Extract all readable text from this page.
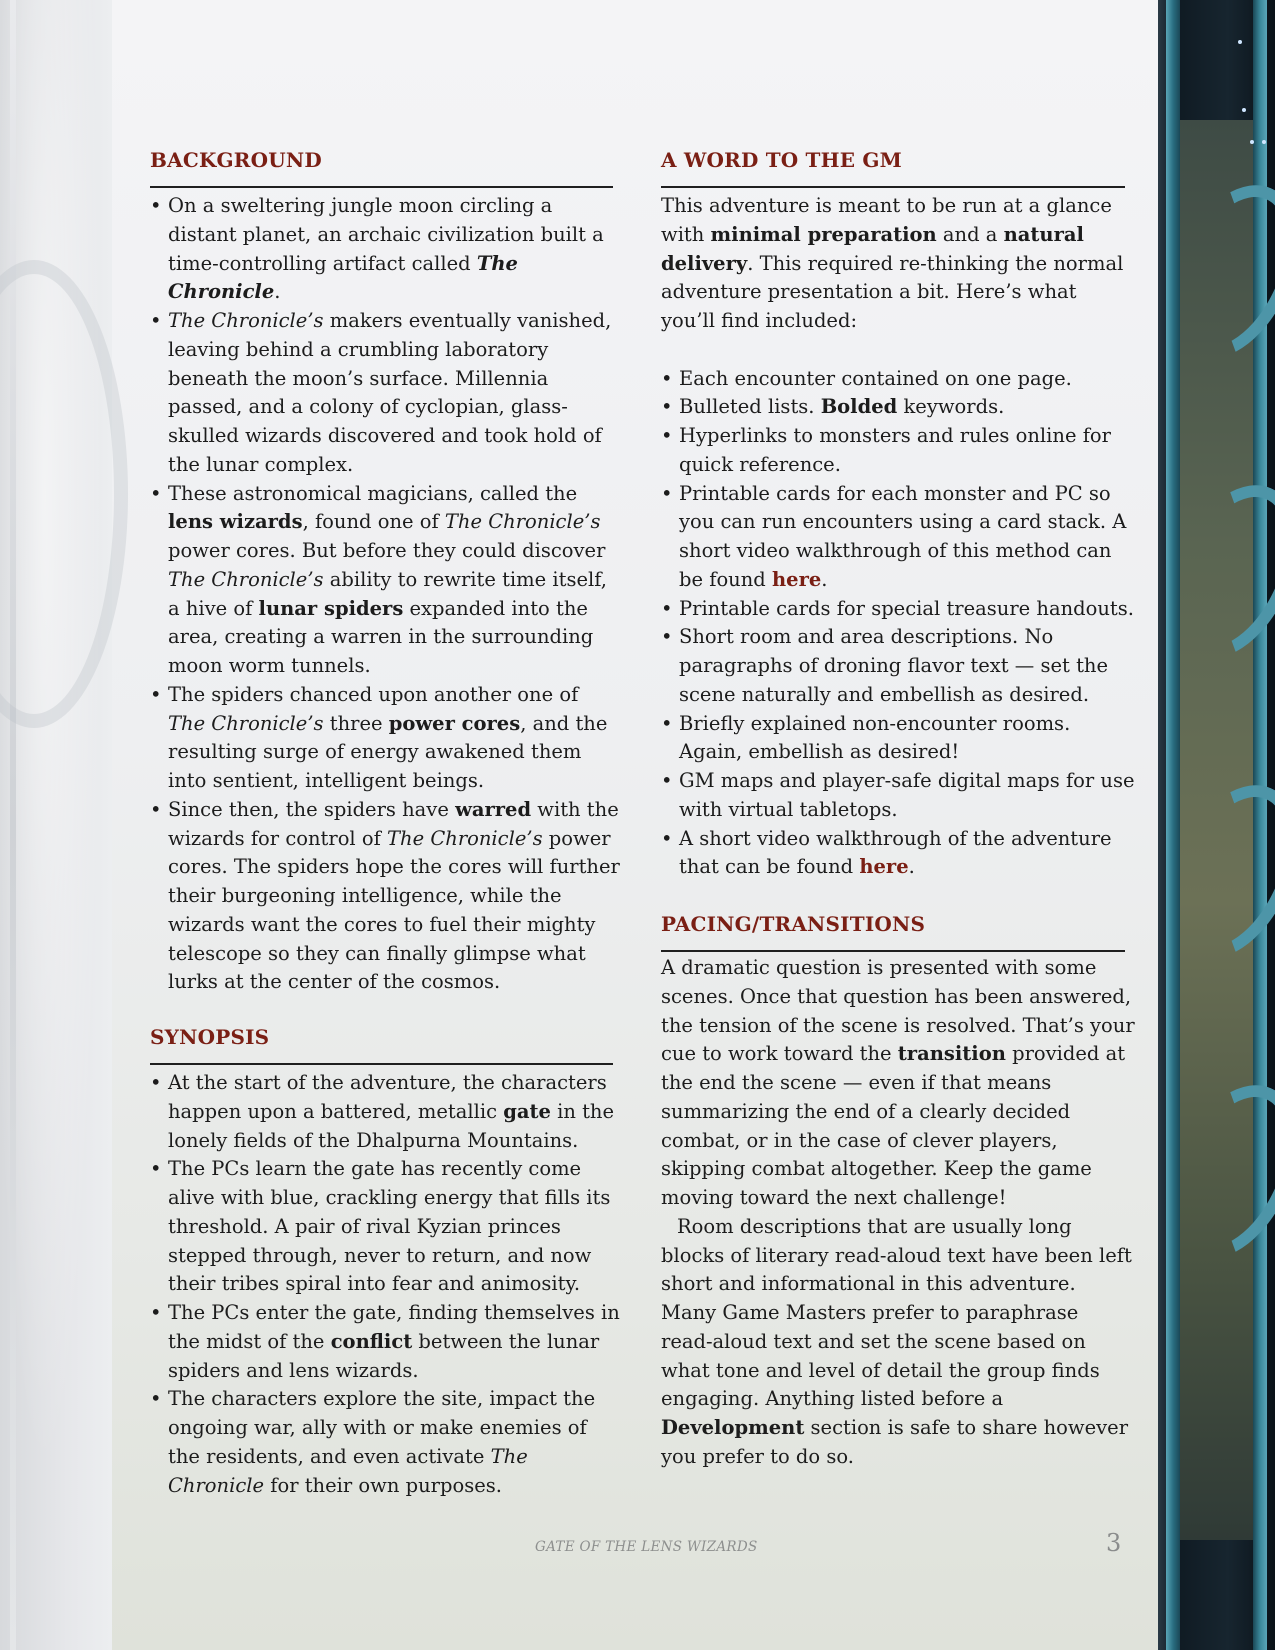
BACKGROUND
• On a sweltering jungle moon circling a distant planet, an archaic civilization built a time-controlling artifact called The Chronicle.
• The Chronicle’s makers eventually vanished, leaving behind a crumbling laboratory beneath the moon’s surface. Millennia passed, and a colony of cyclopian, glass-skulled wizards discovered and took hold of the lunar complex.
• These astronomical magicians, called the lens wizards, found one of The Chronicle’s power cores. But before they could discover The Chronicle’s ability to rewrite time itself, a hive of lunar spiders expanded into the area, creating a warren in the surrounding moon worm tunnels.
• The spiders chanced upon another one of The Chronicle’s three power cores, and the resulting surge of energy awakened them into sentient, intelligent beings.
• Since then, the spiders have warred with the wizards for control of The Chronicle’s power cores. The spiders hope the cores will further their burgeoning intelligence, while the wizards want the cores to fuel their mighty telescope so they can finally glimpse what lurks at the center of the cosmos.
SYNOPSIS
• At the start of the adventure, the characters happen upon a battered, metallic gate in the lonely fields of the Dhalpurna Mountains.
• The PCs learn the gate has recently come alive with blue, crackling energy that fills its threshold. A pair of rival Kyzian princes stepped through, never to return, and now their tribes spiral into fear and animosity.
• The PCs enter the gate, finding themselves in the midst of the conflict between the lunar spiders and lens wizards.
• The characters explore the site, impact the ongoing war, ally with or make enemies of the residents, and even activate The Chronicle for their own purposes.
A WORD TO THE GM

This adventure is meant to be run at a glance with minimal preparation and a natural delivery. This required re-thinking the normal adventure presentation a bit. Here’s what you’ll find included:

• Each encounter contained on one page.
• Bulleted lists. Bolded keywords.
• Hyperlinks to monsters and rules online for quick reference.
• Printable cards for each monster and PC so you can run encounters using a card stack. A short video walkthrough of this method can be found here.
• Printable cards for special treasure handouts.
• Short room and area descriptions. No paragraphs of droning flavor text — set the scene naturally and embellish as desired.
• Briefly explained non-encounter rooms. Again, embellish as desired!
• GM maps and player-safe digital maps for use with virtual tabletops.
• A short video walkthrough of the adventure that can be found here.
PACING/TRANSITIONS

A dramatic question is presented with some scenes. Once that question has been answered, the tension of the scene is resolved. That’s your cue to work toward the transition provided at the end the scene — even if that means summarizing the end of a clearly decided combat, or in the case of clever players, skipping combat altogether. Keep the game moving toward the next challenge!

Room descriptions that are usually long blocks of literary read-aloud text have been left short and informational in this adventure. Many Game Masters prefer to paraphrase read-aloud text and set the scene based on what tone and level of detail the group finds engaging. Anything listed before a Development section is safe to share however you prefer to do so.

GATE OF THE LENS WIZARDS	3
